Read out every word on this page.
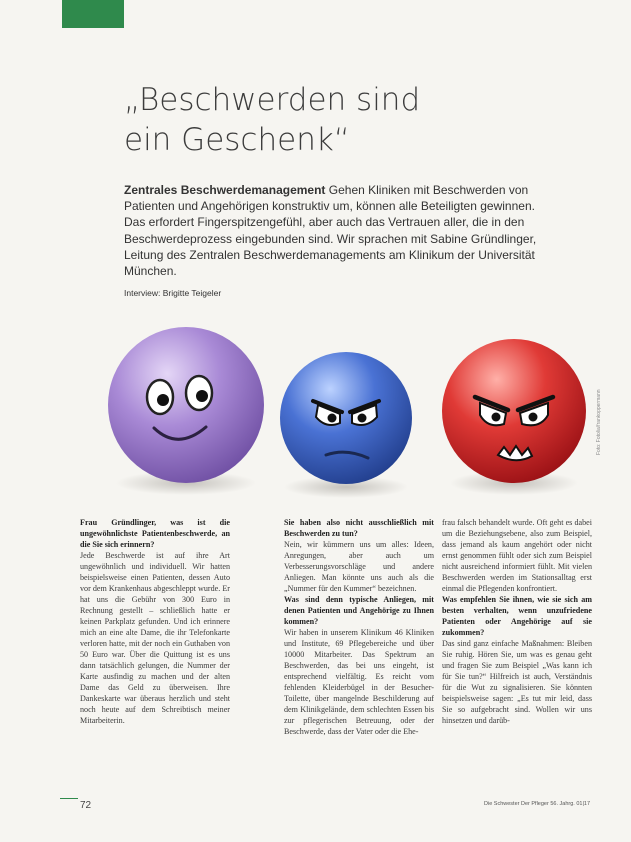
„Beschwerden sind
ein Geschenk“
Zentrales Beschwerdemanagement Gehen Kliniken mit Beschwerden von Patienten und Angehörigen konstruktiv um, können alle Beteiligten gewinnen. Das erfordert Fingerspitzengefühl, aber auch das Vertrauen aller, die in den Beschwerdeprozess eingebunden sind. Wir sprachen mit Sabine Gründlinger, Leitung des Zentralen Beschwerdemanagements am Klinikum der Universität München.
Interview: Brigitte Teigeler
Foto: Fotolia/frankoppermann

Frau Gründlinger, was ist die ungewöhnlichste Patientenbeschwerde, an die Sie sich erinnern?

Jede Beschwerde ist auf ihre Art ungewöhnlich und individuell. Wir hatten beispielsweise einen Patienten, dessen Auto vor dem Krankenhaus abgeschleppt wurde. Er hat uns die Gebühr von 300 Euro in Rechnung gestellt – schließlich hatte er keinen Parkplatz gefunden. Und ich erinnere mich an eine alte Dame, die ihr Telefonkarte verloren hatte, mit der noch ein Guthaben von 50 Euro war. Über die Quittung ist es uns dann tatsächlich gelungen, die Nummer der Karte ausfindig zu machen und der alten Dame das Geld zu überweisen. Ihre Dankeskarte war überaus herzlich und steht noch heute auf dem Schreibtisch meiner Mitarbeiterin.

Sie haben also nicht ausschließlich mit Beschwerden zu tun?

Nein, wir kümmern uns um alles: Ideen, Anregungen, aber auch um Verbesserungsvorschläge und andere Anliegen. Man könnte uns auch als die „Nummer für den Kummer“ bezeichnen.

Was sind denn typische Anliegen, mit denen Patienten und Angehörige zu Ihnen kommen?

Wir haben in unserem Klinikum 46 Kliniken und Institute, 69 Pflegebereiche und über 10000 Mitarbeiter. Das Spektrum an Beschwerden, das bei uns eingeht, ist entsprechend vielfältig. Es reicht vom fehlenden Kleiderbügel in der Besucher-Toilette, über mangelnde Beschilderung auf dem Klinikgelände, dem schlechten Essen bis zur pflegerischen Betreuung, oder der Beschwerde, dass der Vater oder die Ehe-

frau falsch behandelt wurde. Oft geht es dabei um die Beziehungsebene, also zum Beispiel, dass jemand als kaum angehört oder nicht ernst genommen fühlt oder sich zum Beispiel nicht ausreichend informiert fühlt. Mit vielen Beschwerden werden im Stationsalltag erst einmal die Pflegenden konfrontiert.

Was empfehlen Sie ihnen, wie sie sich am besten verhalten, wenn unzufriedene Patienten oder Angehörige auf sie zukommen?

Das sind ganz einfache Maßnahmen: Bleiben Sie ruhig. Hören Sie, um was es genau geht und fragen Sie zum Beispiel „Was kann ich für Sie tun?“ Hilfreich ist auch, Verständnis für die Wut zu signalisieren. Sie könnten beispielsweise sagen: „Es tut mir leid, dass Sie so aufgebracht sind. Wollen wir uns hinsetzen und darüb-

72	Die Schwester Der Pfleger 56. Jahrg. 01|17
